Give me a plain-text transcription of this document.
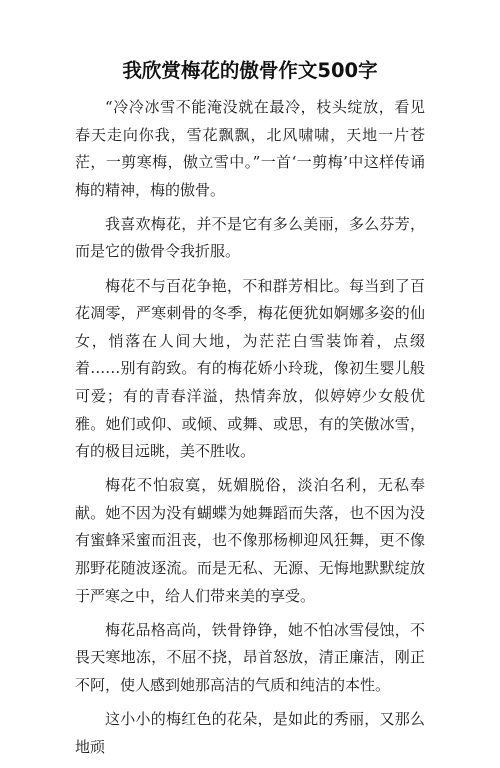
我欣赏梅花的傲骨作文500字

“冷冷冰雪不能淹没就在最冷，枝头绽放，看见春天走向你我，雪花飘飘，北风啸啸，天地一片苍茫，一剪寒梅，傲立雪中。”一首‘一剪梅’中这样传诵梅的精神，梅的傲骨。

我喜欢梅花，并不是它有多么美丽，多么芬芳，而是它的傲骨令我折服。

梅花不与百花争艳，不和群芳相比。每当到了百花凋零，严寒刺骨的冬季，梅花便犹如婀娜多姿的仙女，悄落在人间大地，为茫茫白雪装饰着，点缀着……别有韵致。有的梅花娇小玲珑，像初生婴儿般可爱；有的青春洋溢，热情奔放，似婷婷少女般优雅。她们或仰、或倾、或舞、或思，有的笑傲冰雪，有的极目远眺，美不胜收。

梅花不怕寂寞，妩媚脱俗，淡泊名利，无私奉献。她不因为没有蝴蝶为她舞蹈而失落，也不因为没有蜜蜂采蜜而沮丧，也不像那杨柳迎风狂舞，更不像那野花随波逐流。而是无私、无源、无悔地默默绽放于严寒之中，给人们带来美的享受。

梅花品格高尚，铁骨铮铮，她不怕冰雪侵蚀，不畏天寒地冻，不屈不挠，昂首怒放，清正廉洁，刚正不阿，使人感到她那高洁的气质和纯洁的本性。

这小小的梅红色的花朵，是如此的秀丽，又那么地顽
